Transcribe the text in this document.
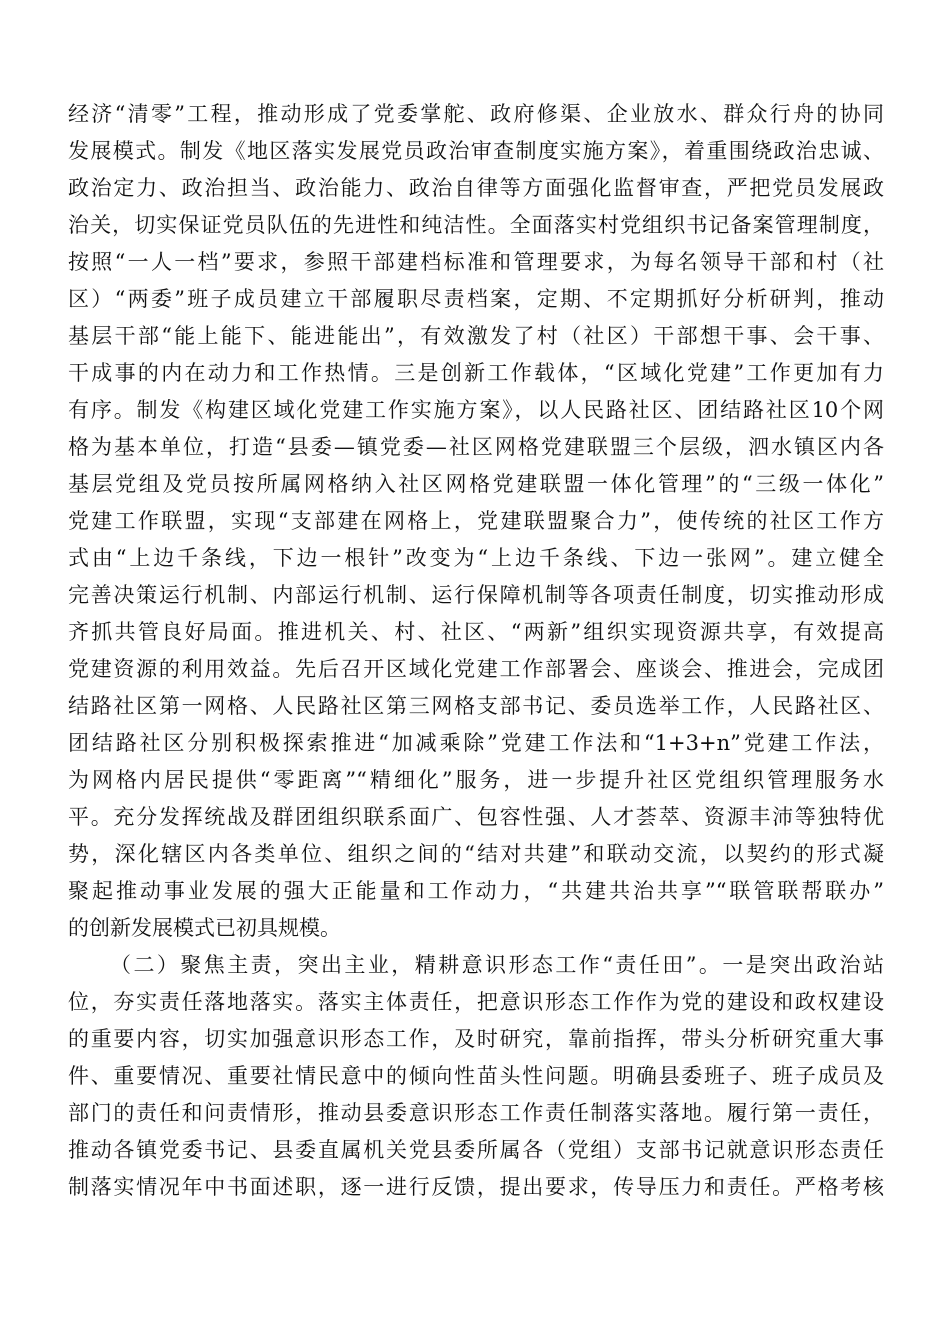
经济“清零”工程，推动形成了党委掌舵、政府修渠、企业放水、群众行舟的协同
发展模式。制发《地区落实发展党员政治审查制度实施方案》，着重围绕政治忠诚、
政治定力、政治担当、政治能力、政治自律等方面强化监督审查，严把党员发展政
治关，切实保证党员队伍的先进性和纯洁性。全面落实村党组织书记备案管理制度，
按照“一人一档”要求，参照干部建档标准和管理要求，为每名领导干部和村（社
区）“两委”班子成员建立干部履职尽责档案，定期、不定期抓好分析研判，推动
基层干部“能上能下、能进能出”，有效激发了村（社区）干部想干事、会干事、
干成事的内在动力和工作热情。三是创新工作载体，“区域化党建”工作更加有力
有序。制发《构建区域化党建工作实施方案》，以人民路社区、团结路社区10个网
格为基本单位，打造“县委—镇党委—社区网格党建联盟三个层级，泗水镇区内各
基层党组及党员按所属网格纳入社区网格党建联盟一体化管理”的“三级一体化”
党建工作联盟，实现“支部建在网格上，党建联盟聚合力”，使传统的社区工作方
式由“上边千条线，下边一根针”改变为“上边千条线、下边一张网”。建立健全
完善决策运行机制、内部运行机制、运行保障机制等各项责任制度，切实推动形成
齐抓共管良好局面。推进机关、村、社区、“两新”组织实现资源共享，有效提高
党建资源的利用效益。先后召开区域化党建工作部署会、座谈会、推进会，完成团
结路社区第一网格、人民路社区第三网格支部书记、委员选举工作，人民路社区、
团结路社区分别积极探索推进“加减乘除”党建工作法和“1+3+n”党建工作法，
为网格内居民提供“零距离”“精细化”服务，进一步提升社区党组织管理服务水
平。充分发挥统战及群团组织联系面广、包容性强、人才荟萃、资源丰沛等独特优
势，深化辖区内各类单位、组织之间的“结对共建”和联动交流，以契约的形式凝
聚起推动事业发展的强大正能量和工作动力，“共建共治共享”“联管联帮联办”
的创新发展模式已初具规模。
（二）聚焦主责，突出主业，精耕意识形态工作“责任田”。一是突出政治站
位，夯实责任落地落实。落实主体责任，把意识形态工作作为党的建设和政权建设
的重要内容，切实加强意识形态工作，及时研究，靠前指挥，带头分析研究重大事
件、重要情况、重要社情民意中的倾向性苗头性问题。明确县委班子、班子成员及
部门的责任和问责情形，推动县委意识形态工作责任制落实落地。履行第一责任，
推动各镇党委书记、县委直属机关党县委所属各（党组）支部书记就意识形态责任
制落实情况年中书面述职，逐一进行反馈，提出要求，传导压力和责任。严格考核
